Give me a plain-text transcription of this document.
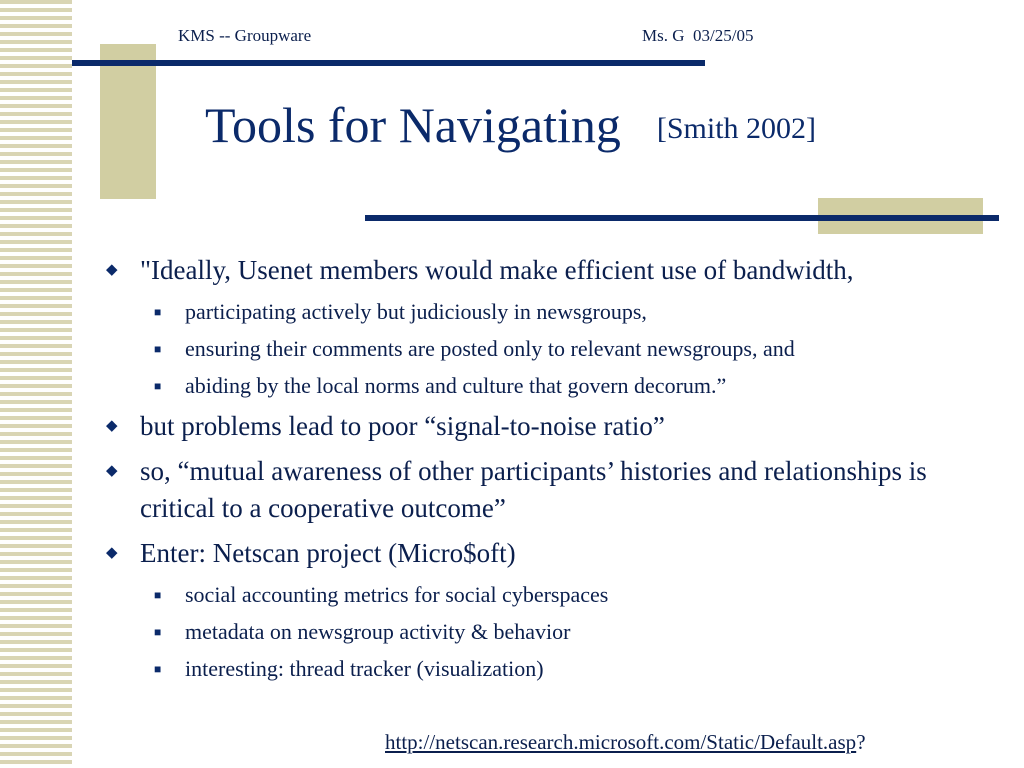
KMS -- Groupware	Ms. G  03/25/05
Tools for Navigating [Smith 2002]
◆ "Ideally, Usenet members would make efficient use of bandwidth,
■ participating actively but judiciously in newsgroups,
■ ensuring their comments are posted only to relevant newsgroups, and
■ abiding by the local norms and culture that govern decorum.”
◆ but problems lead to poor “signal-to-noise ratio”
◆ so, “mutual awareness of other participants’ histories and relationships is critical to a cooperative outcome”
◆ Enter: Netscan project (Micro$oft)
■ social accounting metrics for social cyberspaces
■ metadata on newsgroup activity & behavior
■ interesting: thread tracker (visualization)
http://netscan.research.microsoft.com/Static/Default.asp?
